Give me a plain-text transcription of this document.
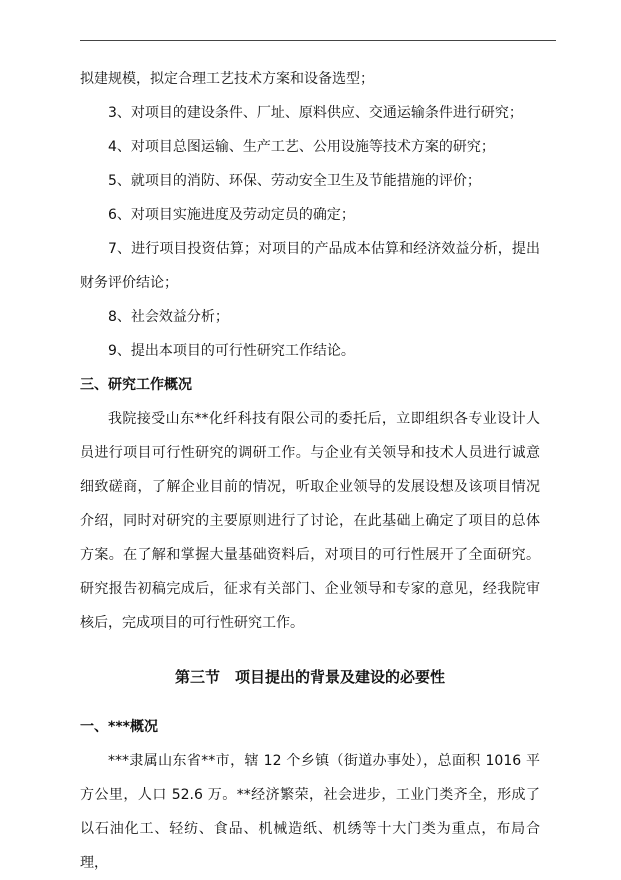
拟建规模，拟定合理工艺技术方案和设备选型；

3、对项目的建设条件、厂址、原料供应、交通运输条件进行研究；

4、对项目总图运输、生产工艺、公用设施等技术方案的研究；

5、就项目的消防、环保、劳动安全卫生及节能措施的评价；

6、对项目实施进度及劳动定员的确定；

7、进行项目投资估算；对项目的产品成本估算和经济效益分析，提出财务评价结论；

8、社会效益分析；

9、提出本项目的可行性研究工作结论。

三、研究工作概况

我院接受山东**化纤科技有限公司的委托后，立即组织各专业设计人员进行项目可行性研究的调研工作。与企业有关领导和技术人员进行诚意细致磋商，了解企业目前的情况，听取企业领导的发展设想及该项目情况介绍，同时对研究的主要原则进行了讨论，在此基础上确定了项目的总体方案。在了解和掌握大量基础资料后，对项目的可行性展开了全面研究。研究报告初稿完成后，征求有关部门、企业领导和专家的意见，经我院审核后，完成项目的可行性研究工作。

第三节　项目提出的背景及建设的必要性

一、***概况

***隶属山东省**市，辖 12 个乡镇（街道办事处），总面积 1016 平方公里，人口 52.6 万。**经济繁荣，社会进步，工业门类齐全，形成了以石油化工、轻纺、食品、机械造纸、机绣等十大门类为重点，布局合理，
